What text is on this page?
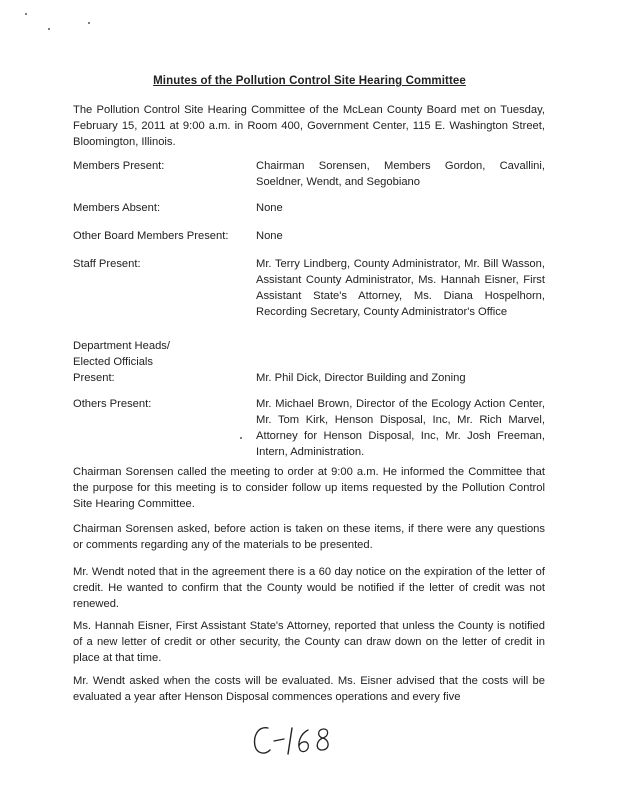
Minutes of the Pollution Control Site Hearing Committee

The Pollution Control Site Hearing Committee of the McLean County Board met on Tuesday, February 15, 2011 at 9:00 a.m. in Room 400, Government Center, 115 E. Washington Street, Bloomington, Illinois.

Members Present:	Chairman Sorensen, Members Gordon, Cavallini, Soeldner, Wendt, and Segobiano
Members Absent:	None
Other Board Members Present:	None
Staff Present:	Mr. Terry Lindberg, County Administrator, Mr. Bill Wasson, Assistant County Administrator, Ms. Hannah Eisner, First Assistant State's Attorney, Ms. Diana Hospelhorn, Recording Secretary, County Administrator's Office
Department Heads/
Elected Officials
Present:	Mr. Phil Dick, Director Building and Zoning
Others Present:	Mr. Michael Brown, Director of the Ecology Action Center, Mr. Tom Kirk, Henson Disposal, Inc, Mr. Rich Marvel, Attorney for Henson Disposal, Inc, Mr. Josh Freeman, Intern, Administration.

Chairman Sorensen called the meeting to order at 9:00 a.m. He informed the Committee that the purpose for this meeting is to consider follow up items requested by the Pollution Control Site Hearing Committee.

Chairman Sorensen asked, before action is taken on these items, if there were any questions or comments regarding any of the materials to be presented.

Mr. Wendt noted that in the agreement there is a 60 day notice on the expiration of the letter of credit. He wanted to confirm that the County would be notified if the letter of credit was not renewed.

Ms. Hannah Eisner, First Assistant State's Attorney, reported that unless the County is notified of a new letter of credit or other security, the County can draw down on the letter of credit in place at that time.

Mr. Wendt asked when the costs will be evaluated. Ms. Eisner advised that the costs will be evaluated a year after Henson Disposal commences operations and every five
